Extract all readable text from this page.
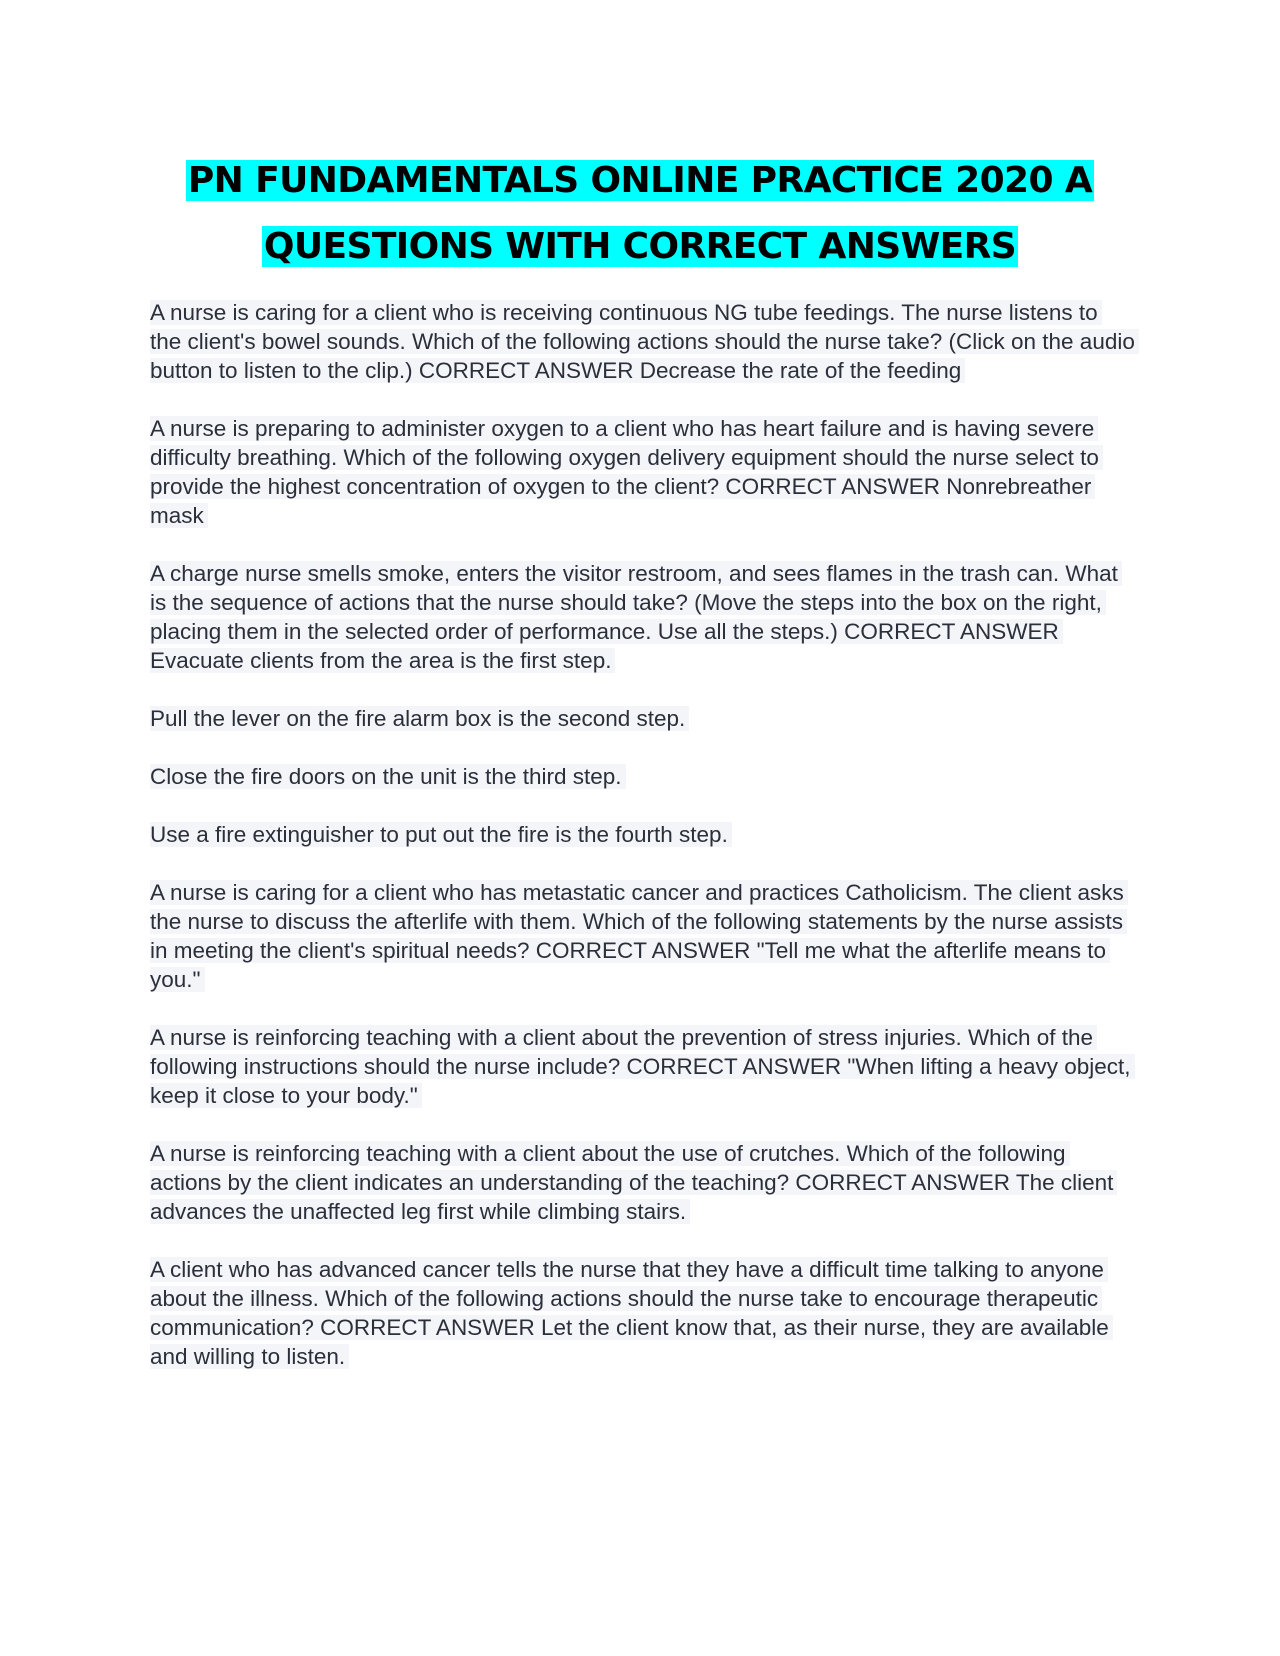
PN FUNDAMENTALS ONLINE PRACTICE 2020 A QUESTIONS WITH CORRECT ANSWERS

A nurse is caring for a client who is receiving continuous NG tube feedings. The nurse listens to the client's bowel sounds. Which of the following actions should the nurse take? (Click on the audio button to listen to the clip.) CORRECT ANSWER Decrease the rate of the feeding

A nurse is preparing to administer oxygen to a client who has heart failure and is having severe difficulty breathing. Which of the following oxygen delivery equipment should the nurse select to provide the highest concentration of oxygen to the client? CORRECT ANSWER Nonrebreather mask

A charge nurse smells smoke, enters the visitor restroom, and sees flames in the trash can. What is the sequence of actions that the nurse should take? (Move the steps into the box on the right, placing them in the selected order of performance. Use all the steps.) CORRECT ANSWER Evacuate clients from the area is the first step.

Pull the lever on the fire alarm box is the second step.

Close the fire doors on the unit is the third step.

Use a fire extinguisher to put out the fire is the fourth step.

A nurse is caring for a client who has metastatic cancer and practices Catholicism. The client asks the nurse to discuss the afterlife with them. Which of the following statements by the nurse assists in meeting the client's spiritual needs? CORRECT ANSWER "Tell me what the afterlife means to you."

A nurse is reinforcing teaching with a client about the prevention of stress injuries. Which of the following instructions should the nurse include? CORRECT ANSWER "When lifting a heavy object, keep it close to your body."

A nurse is reinforcing teaching with a client about the use of crutches. Which of the following actions by the client indicates an understanding of the teaching? CORRECT ANSWER The client advances the unaffected leg first while climbing stairs.

A client who has advanced cancer tells the nurse that they have a difficult time talking to anyone about the illness. Which of the following actions should the nurse take to encourage therapeutic communication? CORRECT ANSWER Let the client know that, as their nurse, they are available and willing to listen.
